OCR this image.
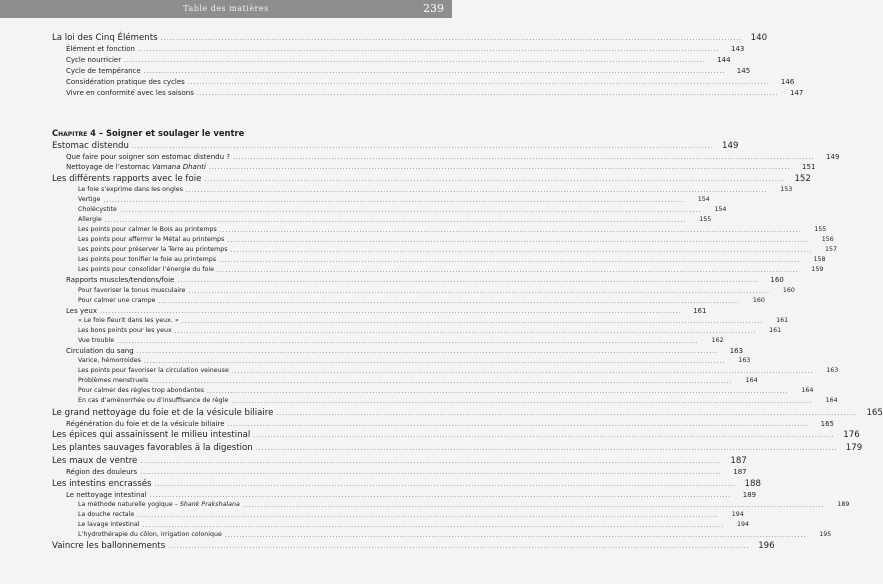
Table des matières	239
Chapitre 4 – Soigner et soulager le ventre
La loi des Cinq Éléments ........................................................................................................................................................................................................ 140
Élément et fonction ........................................................................................................................................................................................................	143
Cycle nourricier ........................................................................................................................................................................................................	144
Cycle de tempérance ........................................................................................................................................................................................................	145
Considération pratique des cycles ........................................................................................................................................................................................................	146
Vivre en conformité avec les saisons ........................................................................................................................................................................................................	147
Estomac distendu ........................................................................................................................................................................................................ 149
Que faire pour soigner son estomac distendu ? ........................................................................................................................................................................................................	149
Nettoyage de l’estomac Vamana Dhanti ........................................................................................................................................................................................................	151
Les différents rapports avec le foie ........................................................................................................................................................................................................ 152
Le foie s’exprime dans les ongles ........................................................................................................................................................................................................	153
Vertige ........................................................................................................................................................................................................	154
Cholécystite ........................................................................................................................................................................................................	154
Allergie ........................................................................................................................................................................................................	155
Les points pour calmer le Bois au printemps ........................................................................................................................................................................................................	155
Les points pour affermir le Métal au printemps ........................................................................................................................................................................................................	156
Les points pour préserver la Terre au printemps ........................................................................................................................................................................................................	157
Les points pour tonifier le foie au printemps ........................................................................................................................................................................................................	158
Les points pour consolider l’énergie du foie ........................................................................................................................................................................................................	159
Rapports muscles/tendons/foie ........................................................................................................................................................................................................	160
Pour favoriser le tonus musculaire ........................................................................................................................................................................................................	160
Pour calmer une crampe ........................................................................................................................................................................................................	160
Les yeux ........................................................................................................................................................................................................	161
« Le foie fleurit dans les yeux. » ........................................................................................................................................................................................................	161
Les bons points pour les yeux ........................................................................................................................................................................................................	161
Vue trouble ........................................................................................................................................................................................................	162
Circulation du sang ........................................................................................................................................................................................................	163
Varice, hémorroïdes ........................................................................................................................................................................................................	163
Les points pour favoriser la circulation veineuse ........................................................................................................................................................................................................	163
Problèmes menstruels ........................................................................................................................................................................................................	164
Pour calmer des règles trop abondantes ........................................................................................................................................................................................................	164
En cas d’aménorrhée ou d’insuffisance de règle ........................................................................................................................................................................................................	164
Le grand nettoyage du foie et de la vésicule biliaire ........................................................................................................................................................................................................ 165
Régénération du foie et de la vésicule biliaire ........................................................................................................................................................................................................	165
Les épices qui assainissent le milieu intestinal ........................................................................................................................................................................................................ 176
Les plantes sauvages favorables à la digestion ........................................................................................................................................................................................................ 179
Les maux de ventre ........................................................................................................................................................................................................ 187
Région des douleurs ........................................................................................................................................................................................................	187
Les intestins encrassés ........................................................................................................................................................................................................ 188
Le nettoyage intestinal ........................................................................................................................................................................................................	189
La méthode naturelle yogique – Shank Prakshalana ........................................................................................................................................................................................................	189
La douche rectale ........................................................................................................................................................................................................	194
Le lavage intestinal ........................................................................................................................................................................................................	194
L’hydrothérapie du côlon, irrigation colonique ........................................................................................................................................................................................................	195
Vaincre les ballonnements ........................................................................................................................................................................................................ 196
